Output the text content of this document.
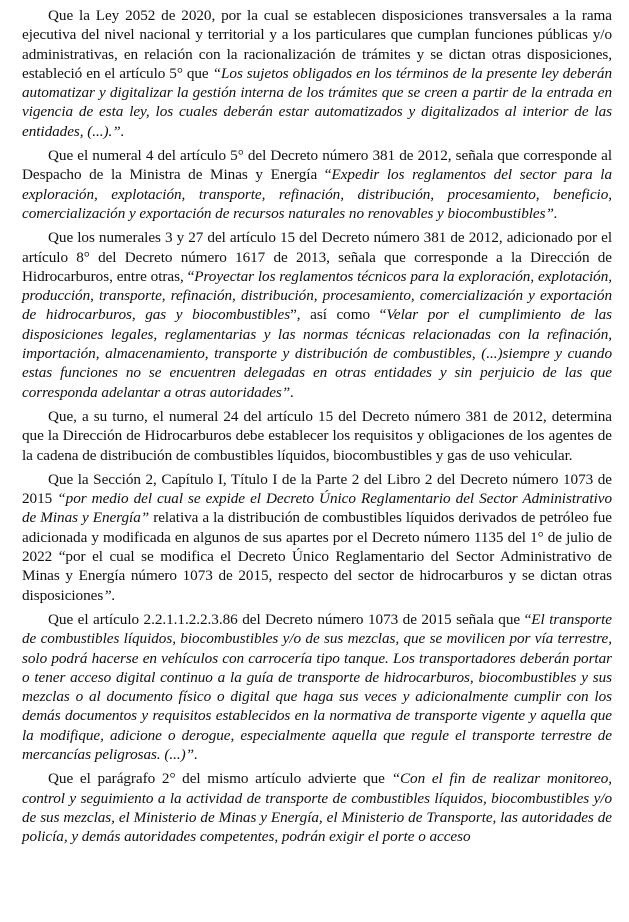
Que la Ley 2052 de 2020, por la cual se establecen disposiciones transversales a la rama ejecutiva del nivel nacional y territorial y a los particulares que cumplan funciones públicas y/o administrativas, en relación con la racionalización de trámites y se dictan otras disposiciones, estableció en el artículo 5° que “Los sujetos obligados en los términos de la presente ley deberán automatizar y digitalizar la gestión interna de los trámites que se creen a partir de la entrada en vigencia de esta ley, los cuales deberán estar automatizados y digitalizados al interior de las entidades, (...).”.

Que el numeral 4 del artículo 5° del Decreto número 381 de 2012, señala que corresponde al Despacho de la Ministra de Minas y Energía “Expedir los reglamentos del sector para la exploración, explotación, transporte, refinación, distribución, procesamiento, beneficio, comercialización y exportación de recursos naturales no renovables y biocombustibles”.

Que los numerales 3 y 27 del artículo 15 del Decreto número 381 de 2012, adicionado por el artículo 8° del Decreto número 1617 de 2013, señala que corresponde a la Dirección de Hidrocarburos, entre otras, “Proyectar los reglamentos técnicos para la exploración, explotación, producción, transporte, refinación, distribución, procesamiento, comercialización y exportación de hidrocarburos, gas y biocombustibles”, así como “Velar por el cumplimiento de las disposiciones legales, reglamentarias y las normas técnicas relacionadas con la refinación, importación, almacenamiento, transporte y distribución de combustibles, (...)siempre y cuando estas funciones no se encuentren delegadas en otras entidades y sin perjuicio de las que corresponda adelantar a otras autoridades”.

Que, a su turno, el numeral 24 del artículo 15 del Decreto número 381 de 2012, determina que la Dirección de Hidrocarburos debe establecer los requisitos y obligaciones de los agentes de la cadena de distribución de combustibles líquidos, biocombustibles y gas de uso vehicular.

Que la Sección 2, Capítulo I, Título I de la Parte 2 del Libro 2 del Decreto número 1073 de 2015 “por medio del cual se expide el Decreto Único Reglamentario del Sector Administrativo de Minas y Energía” relativa a la distribución de combustibles líquidos derivados de petróleo fue adicionada y modificada en algunos de sus apartes por el Decreto número 1135 del 1° de julio de 2022 “por el cual se modifica el Decreto Único Reglamentario del Sector Administrativo de Minas y Energía número 1073 de 2015, respecto del sector de hidrocarburos y se dictan otras disposiciones”.

Que el artículo 2.2.1.1.2.2.3.86 del Decreto número 1073 de 2015 señala que “El transporte de combustibles líquidos, biocombustibles y/o de sus mezclas, que se movilicen por vía terrestre, solo podrá hacerse en vehículos con carrocería tipo tanque. Los transportadores deberán portar o tener acceso digital continuo a la guía de transporte de hidrocarburos, biocombustibles y sus mezclas o al documento físico o digital que haga sus veces y adicionalmente cumplir con los demás documentos y requisitos establecidos en la normativa de transporte vigente y aquella que la modifique, adicione o derogue, especialmente aquella que regule el transporte terrestre de mercancías peligrosas. (...)”.

Que el parágrafo 2° del mismo artículo advierte que “Con el fin de realizar monitoreo, control y seguimiento a la actividad de transporte de combustibles líquidos, biocombustibles y/o de sus mezclas, el Ministerio de Minas y Energía, el Ministerio de Transporte, las autoridades de policía, y demás autoridades competentes, podrán exigir el porte o acceso
